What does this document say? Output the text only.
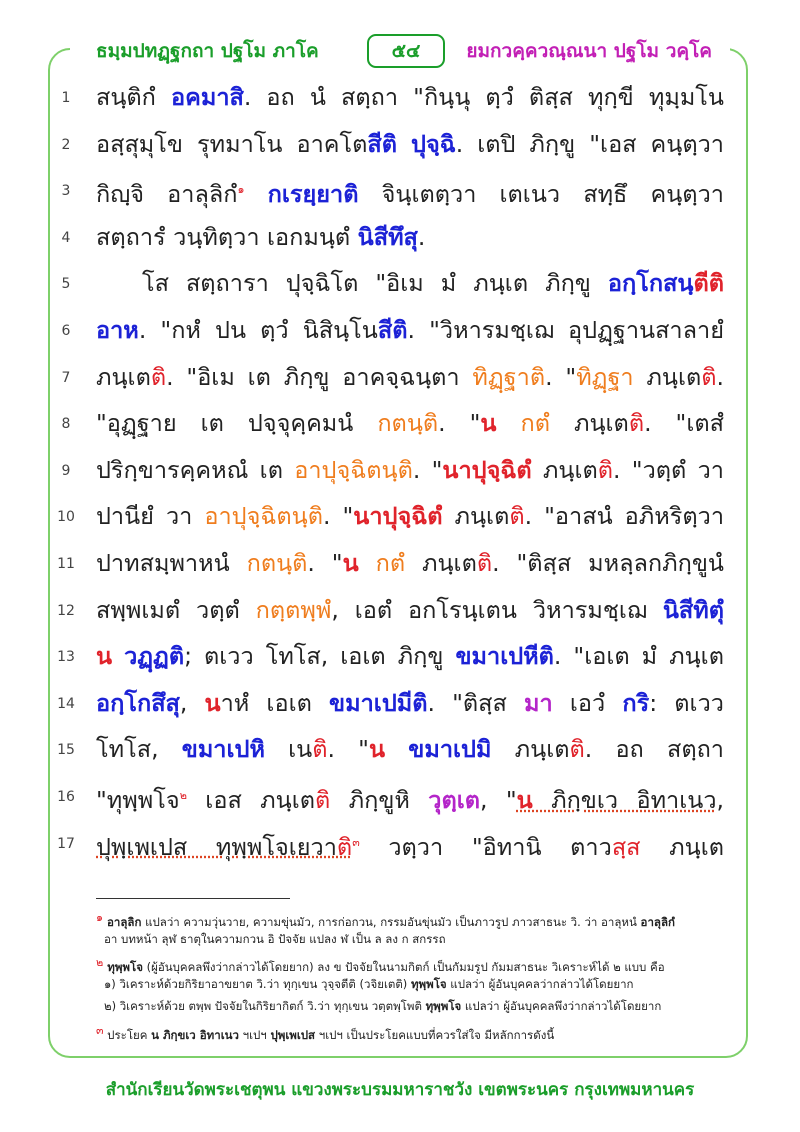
ธมฺมปทฏฺฐกถา ปฐโม ภาโค	๕๔	ยมกวคฺควณฺณนา ปฐโม วคฺโค
1	สนฺติกํ อคมาสิ. อถ นํ สตฺถา "กินฺนุ ตฺวํ ติสฺส ทุกฺขี ทุมฺมโน
2	อสฺสุมุโข รุทมาโน อาคโตสีติ ปุจฺฉิ. เตปิ ภิกฺขู "เอส คนฺตฺวา
3	กิญฺจิ อาลุลิกํ$^๑$ กเรยฺยาติ จินฺเตตฺวา เตเนว สทฺธึ คนฺตฺวา
4	สตฺถารํ วนฺทิตฺวา เอกมนฺตํ นิสีทึสุ.
5	โส สตฺถารา ปุจฺฉิโต "อิเม มํ ภนฺเต ภิกฺขู อกฺโกสนฺตีติ
6	อาห. "กหํ ปน ตฺวํ นิสินฺโนสีติ. "วิหารมชฺเฌ อุปฏฺฐานสาลายํ
7	ภนฺเตติ. "อิเม เต ภิกฺขู อาคจฺฉนฺตา ทิฏฺฐาติ. "ทิฏฺฐา ภนฺเตติ.
8	"อุฏฺฐาย เต ปจฺจุคฺคมนํ กตนฺติ. "น กตํ ภนฺเตติ. "เตสํ
9	ปริกฺขารคฺคหณํ เต อาปุจฺฉิตนฺติ. "นาปุจฺฉิตํ ภนฺเตติ. "วตฺตํ วา
10 ปานียํ วา อาปุจฺฉิตนฺติ. "นาปุจฺฉิตํ ภนฺเตติ. "อาสนํ อภิหริตฺวา
11 ปาทสมฺพาหนํ กตนฺติ. "น กตํ ภนฺเตติ. "ติสฺส มหลฺลกภิกฺขูนํ
12 สพฺพเมตํ วตฺตํ กตฺตพฺพํ, เอตํ อกโรนฺเตน วิหารมชฺเฌ นิสีทิตุํ
13 น วฏฺฏติ; ตเวว โทโส, เอเต ภิกฺขู ขมาเปหีติ. "เอเต มํ ภนฺเต
14 อกฺโกสึสุ, นาหํ เอเต ขมาเปมีติ. "ติสฺส มา เอวํ กริ: ตเวว
15 โทโส, ขมาเปหิ เนติ. "น ขมาเปมิ ภนฺเตติ. อถ สตฺถา
16 "ทุพฺพโจ$^๒$ เอส ภนฺเตติ ภิกฺขูหิ วุตฺเต, "น ภิกฺขเว อิทาเนว,
17 ปุพฺเพเปส ทุพฺพโจเยวาติ$^๓$ วตฺวา "อิทานิ ตาวสฺส ภนฺเต
$^๑$ อาลุลิก แปลว่า ความวุ่นวาย, ความขุ่นมัว, การก่อกวน, กรรมอันขุ่นมัว เป็นภาวรูป ภาวสาธนะ วิ. ว่า อาลุหนํ อาลุลิกํ
อา บทหน้า ลุฬ ธาตุในความกวน อิ ปัจจัย แปลง ฬ เป็น ล ลง ก สกรรถ
$^๒$ ทุพฺพโจ (ผู้อันบุคคลพึงว่ากล่าวได้โดยยาก) ลง ข ปัจจัยในนามกิตก์ เป็นกัมมรูป กัมมสาธนะ วิเคราะห์ได้ ๒ แบบ คือ
๑) วิเคราะห์ด้วยกิริยาอาขยาต วิ.ว่า ทุกฺเขน วุจฺจตีติ (วจิยเตติ) ทุพฺพโจ แปลว่า ผู้อันบุคคลว่ากล่าวได้โดยยาก
๒) วิเคราะห์ด้วย ตพฺพ ปัจจัยในกิริยากิตก์ วิ.ว่า ทุกฺเขน วตฺตพฺโพติ ทุพฺพโจ แปลว่า ผู้อันบุคคลพึงว่ากล่าวได้โดยยาก
$^๓$ ประโยค น ภิกฺขเว อิทาเนว ฯเปฯ ปุพฺเพเปส ฯเปฯ เป็นประโยคแบบที่ควรใส่ใจ มีหลักการดังนี้
สำนักเรียนวัดพระเชตุพน แขวงพระบรมมหาราชวัง เขตพระนคร กรุงเทพมหานคร
